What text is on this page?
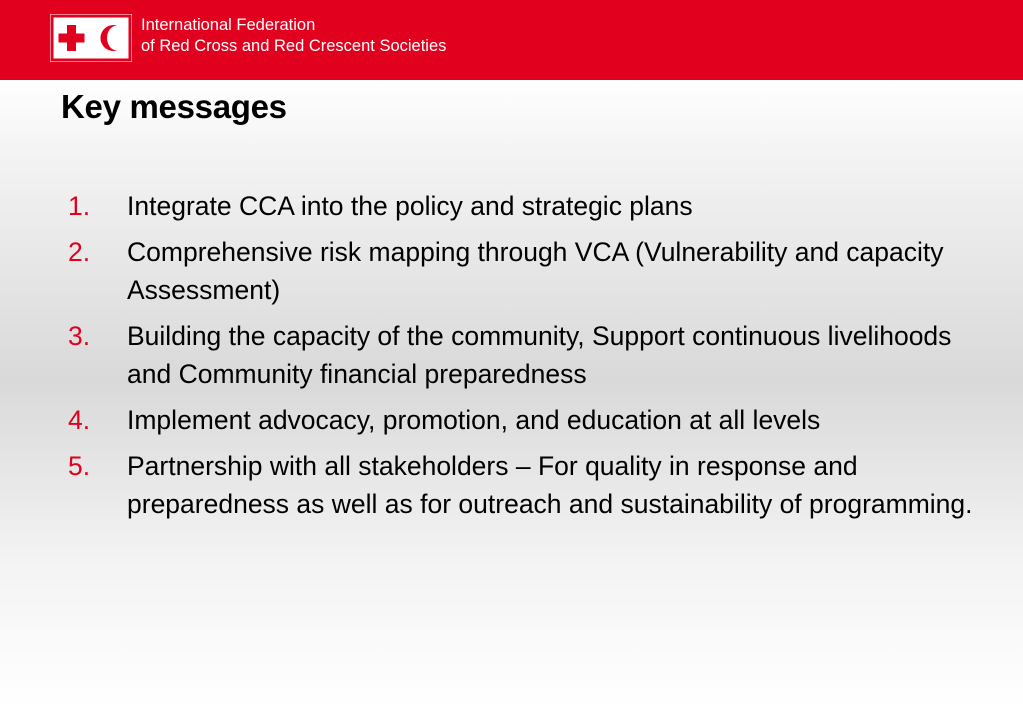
International Federation
of Red Cross and Red Crescent Societies
Key messages
1.	Integrate CCA into the policy and strategic plans
2.	Comprehensive risk mapping through VCA (Vulnerability and capacity Assessment)
3.	Building the capacity of the community, Support continuous livelihoods and Community financial preparedness
4.	Implement advocacy, promotion, and education at all levels
5.	Partnership with all stakeholders – For quality in response and preparedness as well as for outreach and sustainability of programming.
